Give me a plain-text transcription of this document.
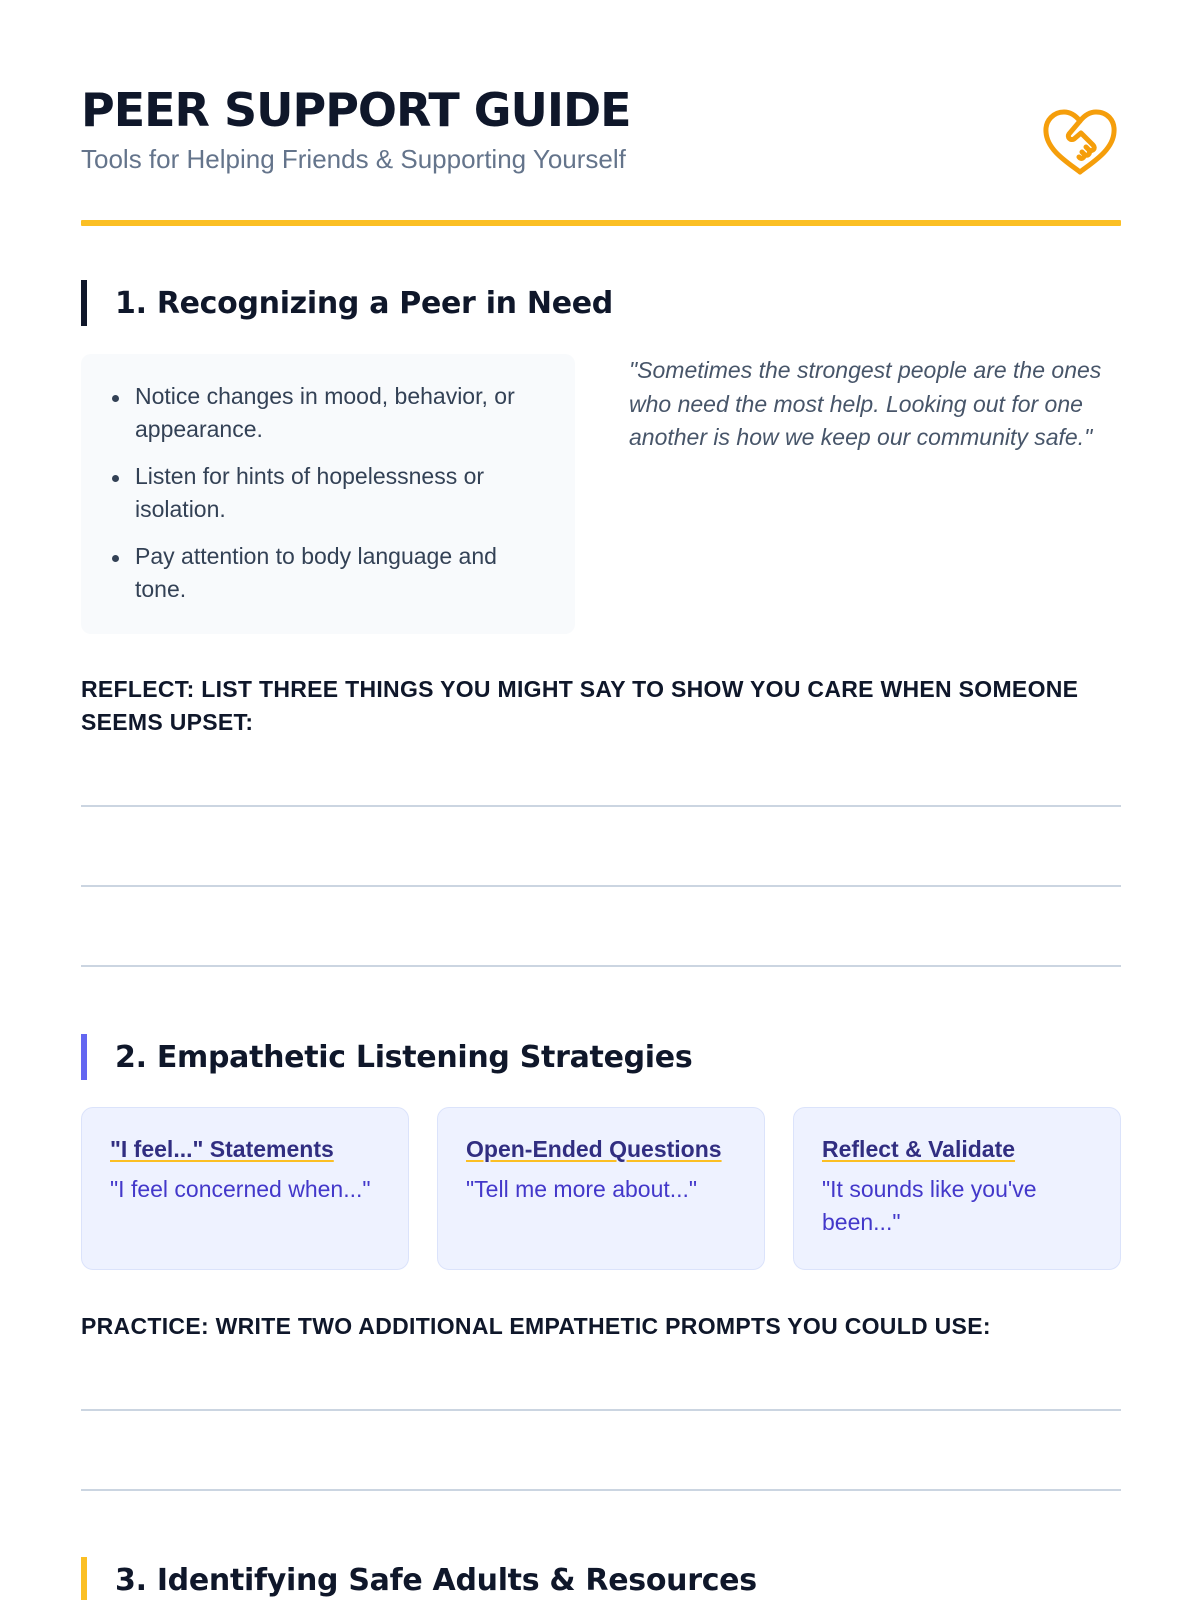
PEER SUPPORT GUIDE
Tools for Helping Friends & Supporting Yourself
1. Recognizing a Peer in Need
Notice changes in mood, behavior, or appearance.
Listen for hints of hopelessness or isolation.
Pay attention to body language and tone.
"Sometimes the strongest people are the ones who need the most help. Looking out for one another is how we keep our community safe."
REFLECT: LIST THREE THINGS YOU MIGHT SAY TO SHOW YOU CARE WHEN SOMEONE SEEMS UPSET:
2. Empathetic Listening Strategies
"I feel..." Statements
"I feel concerned when..."
Open-Ended Questions
"Tell me more about..."
Reflect & Validate
"It sounds like you've been..."
PRACTICE: WRITE TWO ADDITIONAL EMPATHETIC PROMPTS YOU COULD USE:
3. Identifying Safe Adults & Resources
